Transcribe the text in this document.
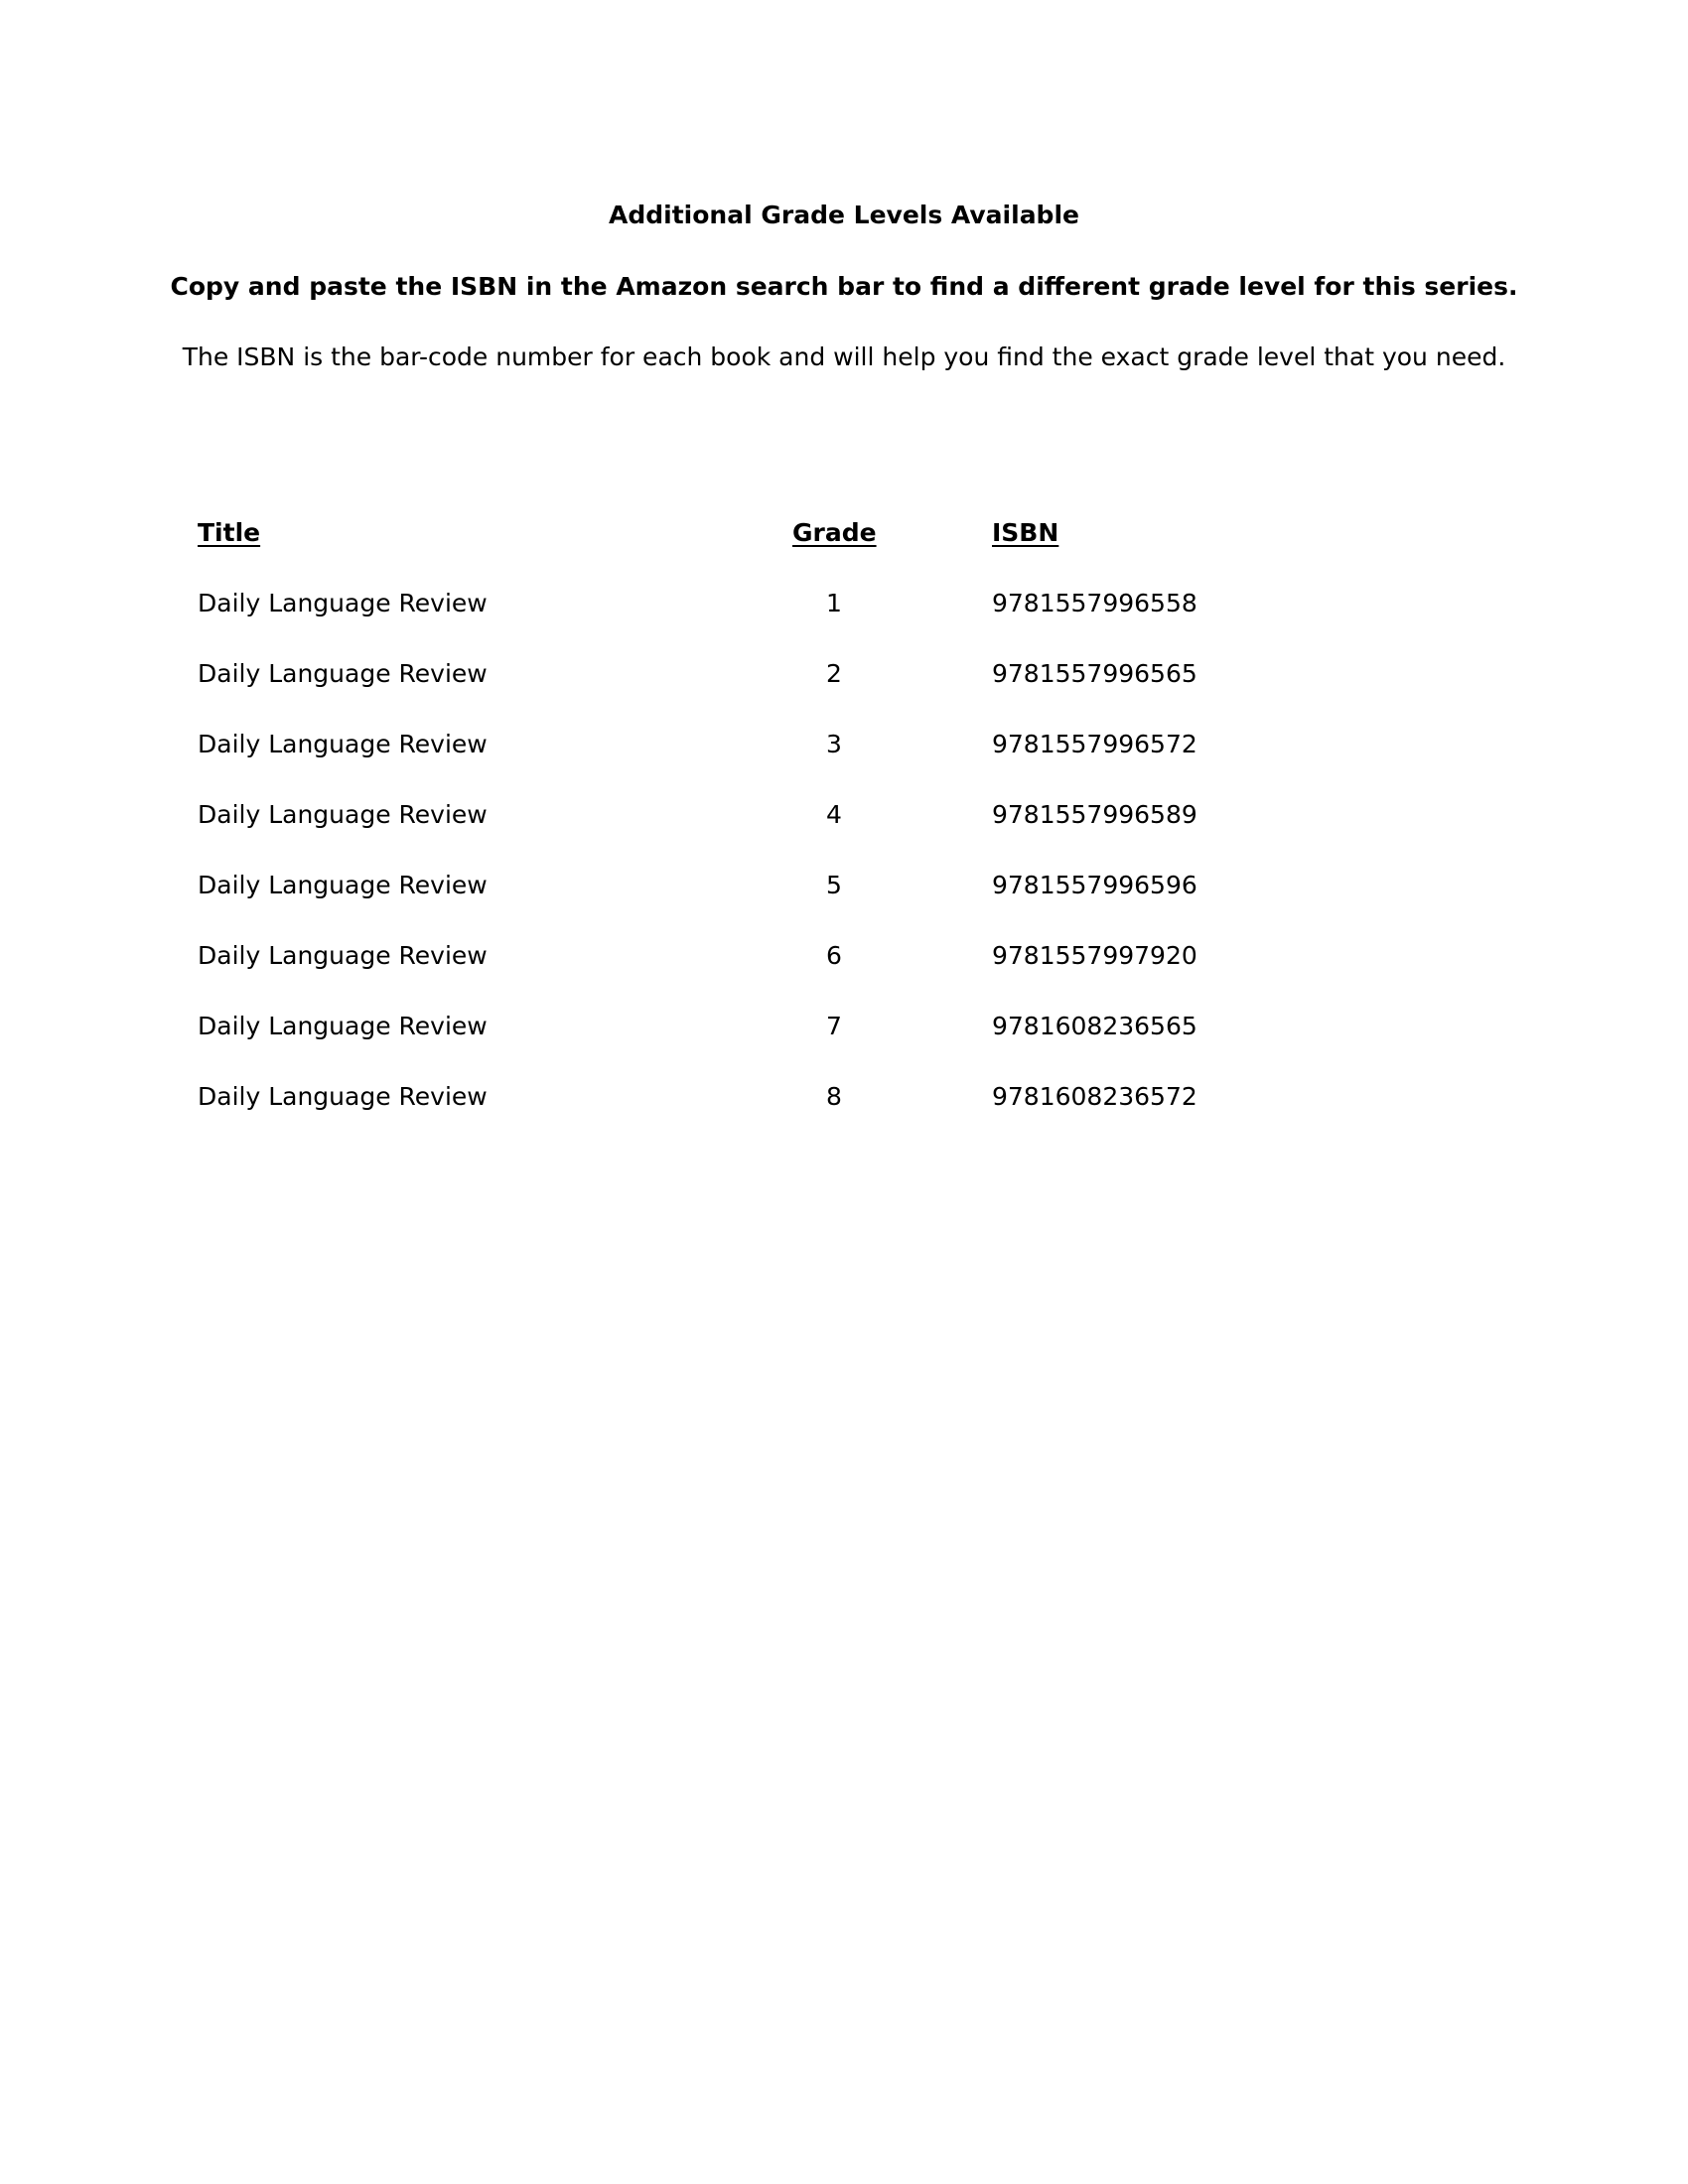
Additional Grade Levels Available
Copy and paste the ISBN in the Amazon search bar to find a different grade level for this series.
The ISBN is the bar-code number for each book and will help you find the exact grade level that you need.
Title	Grade	ISBN
Daily Language Review	1	9781557996558
Daily Language Review	2	9781557996565
Daily Language Review	3	9781557996572
Daily Language Review	4	9781557996589
Daily Language Review	5	9781557996596
Daily Language Review	6	9781557997920
Daily Language Review	7	9781608236565
Daily Language Review	8	9781608236572
